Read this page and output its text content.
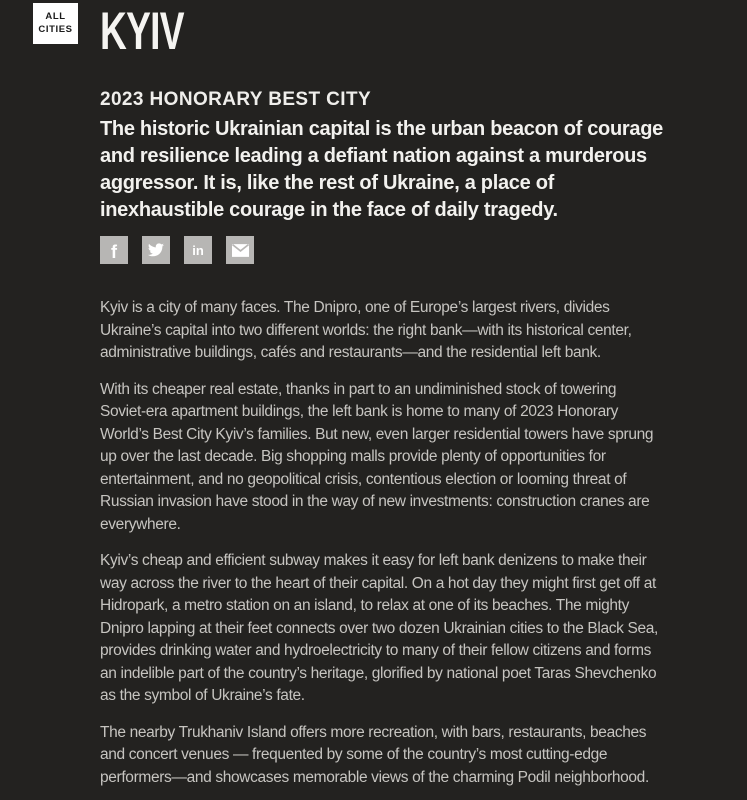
ALL CITIES KYIV
2023 HONORARY BEST CITY

The historic Ukrainian capital is the urban beacon of courage and resilience leading a defiant nation against a murderous aggressor. It is, like the rest of Ukraine, a place of inexhaustible courage in the face of daily tragedy.

f	in

Kyiv is a city of many faces. The Dnipro, one of Europe’s largest rivers, divides Ukraine’s capital into two different worlds: the right bank—with its historical center, administrative buildings, cafés and restaurants—and the residential left bank.

With its cheaper real estate, thanks in part to an undiminished stock of towering Soviet-era apartment buildings, the left bank is home to many of 2023 Honorary World’s Best City Kyiv’s families. But new, even larger residential towers have sprung up over the last decade. Big shopping malls provide plenty of opportunities for entertainment, and no geopolitical crisis, contentious election or looming threat of Russian invasion have stood in the way of new investments: construction cranes are everywhere.

Kyiv’s cheap and efficient subway makes it easy for left bank denizens to make their way across the river to the heart of their capital. On a hot day they might first get off at Hidropark, a metro station on an island, to relax at one of its beaches. The mighty Dnipro lapping at their feet connects over two dozen Ukrainian cities to the Black Sea, provides drinking water and hydroelectricity to many of their fellow citizens and forms an indelible part of the country’s heritage, glorified by national poet Taras Shevchenko as the symbol of Ukraine’s fate.

The nearby Trukhaniv Island offers more recreation, with bars, restaurants, beaches and concert venues — frequented by some of the country’s most cutting-edge performers—and showcases memorable views of the charming Podil neighborhood.
